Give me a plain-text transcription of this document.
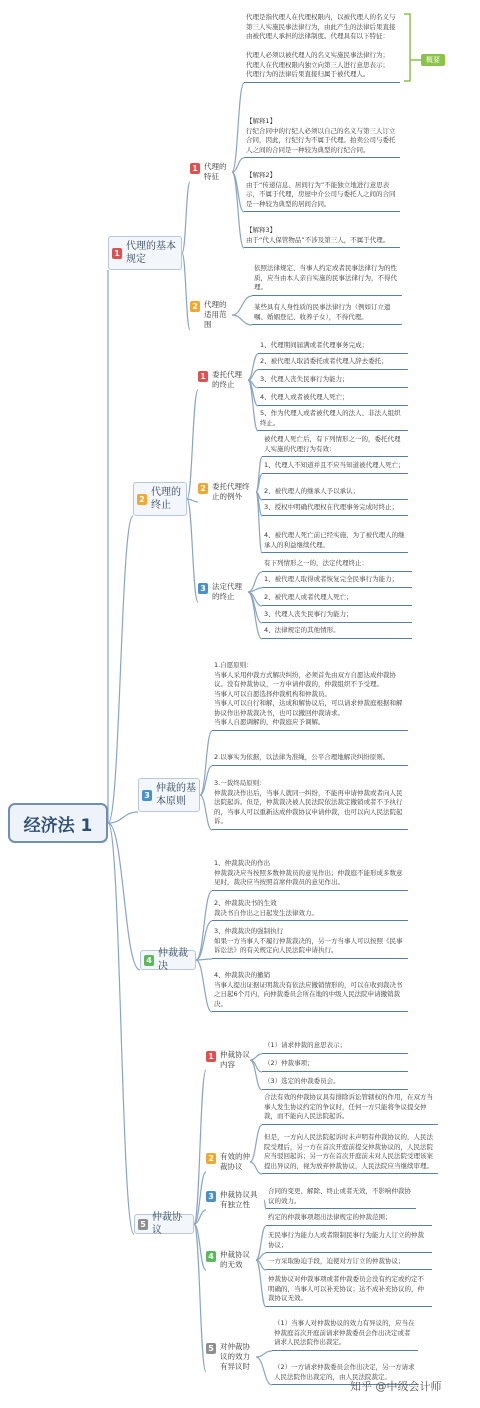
经济法 1
1
代理的基本规定
1 代理的特征
2 代理的适用范围
代理是指代理人在代理权限内，以被代理人的名义与第三人实施民事法律行为，由此产生的法律后果直接由被代理人承担的法律制度。代理具有以下特征：

代理人必须以被代理人的名义实施民事法律行为；
代理人在代理权限内独立向第三人进行意思表示；
代理行为的法律后果直接归属于被代理人。
概要
【解释1】
行纪合同中的行纪人必须以自己的名义与第三人订立合同，因此，行纪行为不属于代理。拍卖公司与委托人之间的合同是一种较为典型的行纪合同。
【解释2】
由于“传递信息、居间行为”不能独立地进行意思表示，不属于代理，房屋中介公司与委托人之间的合同是一种较为典型的居间合同。
【解释3】
由于“代人保管物品”不涉及第三人，不属于代理。
依照法律规定、当事人约定或者民事法律行为的性质，应当由本人亲自实施的民事法律行为，不得代理。
某些具有人身性质的民事法律行为（例如订立遗嘱、婚姻登记、收养子女），不得代理。
2
代理的终止
1 委托代理的终止
2 委托代理终止的例外
3 法定代理的终止
1、代理期间届满或者代理事务完成；
2、被代理人取消委托或者代理人辞去委托；
3、代理人丧失民事行为能力；
4、代理人或者被代理人死亡；
5、作为代理人或者被代理人的法人、非法人组织终止。
被代理人死亡后，有下列情形之一的，委托代理人实施的代理行为有效：
1、代理人不知道并且不应当知道被代理人死亡；
2、被代理人的继承人予以承认；
3、授权中明确代理权在代理事务完成时终止；
4、被代理人死亡前已经实施，为了被代理人的继承人的利益继续代理。
有下列情形之一的，法定代理终止：
1、被代理人取得或者恢复完全民事行为能力；
2、被代理人或者代理人死亡；
3、代理人丧失民事行为能力；
4、法律规定的其他情形。
3
仲裁的基本原则
1.自愿原则：
当事人采用仲裁方式解决纠纷，必须首先由双方自愿达成仲裁协议。没有仲裁协议，一方申请仲裁的，仲裁组织不予受理。
当事人可以自愿选择仲裁机构和仲裁员。
当事人可以自行和解，达成和解协议后，可以请求仲裁庭根据和解协议作出仲裁裁决书，也可以撤回仲裁请求。
当事人自愿调解的，仲裁庭应予调解。
2.以事实为依据，以法律为准绳，公平合理地解决纠纷原则。
3.一裁终局原则：
仲裁裁决作出后，当事人就同一纠纷，不能再申请仲裁或者向人民法院起诉。但是，仲裁裁决被人民法院依法裁定撤销或者不予执行的，当事人可以重新达成仲裁协议申请仲裁，也可以向人民法院起诉。
4
仲裁裁决
1、仲裁裁决的作出
仲裁裁决应当按照多数仲裁员的意见作出；仲裁庭不能形成多数意见时，裁决应当按照首席仲裁员的意见作出。
2、仲裁裁决书的生效
裁决书自作出之日起发生法律效力。
3、仲裁裁决的强制执行
如果一方当事人不履行仲裁裁决的，另一方当事人可以按照《民事诉讼法》的有关规定向人民法院申请执行。
4、仲裁裁决的撤销
当事人提出证据证明裁决有依法应撤销情形的，可以在收到裁决书之日起6个月内，向仲裁委员会所在地的中级人民法院申请撤销裁决。
5
仲裁协议
1 仲裁协议内容
2 有效的仲裁协议
3 仲裁协议具有独立性
4 仲裁协议的无效
5 对仲裁协议的效力有异议时
（1）请求仲裁的意思表示；
（2）仲裁事项；
（3）选定的仲裁委员会。
合法有效的仲裁协议具有排除诉讼管辖权的作用，在双方当事人发生协议约定的争议时，任何一方只能将争议提交仲裁，而不能向人民法院起诉。
但是，一方向人民法院起诉时未声明有仲裁协议的，人民法院受理后，另一方在首次开庭前提交仲裁协议的，人民法院应当驳回起诉；另一方在首次开庭前未对人民法院受理该案提出异议的，视为放弃仲裁协议，人民法院应当继续审理。
合同的变更、解除、终止或者无效，不影响仲裁协议的效力。
约定的仲裁事项超出法律规定的仲裁范围；
无民事行为能力人或者限制民事行为能力人订立的仲裁协议；
一方采取胁迫手段，迫使对方订立的仲裁协议；
仲裁协议对仲裁事项或者仲裁委员会没有约定或约定不明确的，当事人可以补充协议；达不成补充协议的，仲裁协议无效。
（1）当事人对仲裁协议的效力有异议的，应当在仲裁庭首次开庭前请求仲裁委员会作出决定或者请求人民法院作出裁定。
（2）一方请求仲裁委员会作出决定，另一方请求人民法院作出裁定的，由人民法院裁定。
知乎 @中级会计师
